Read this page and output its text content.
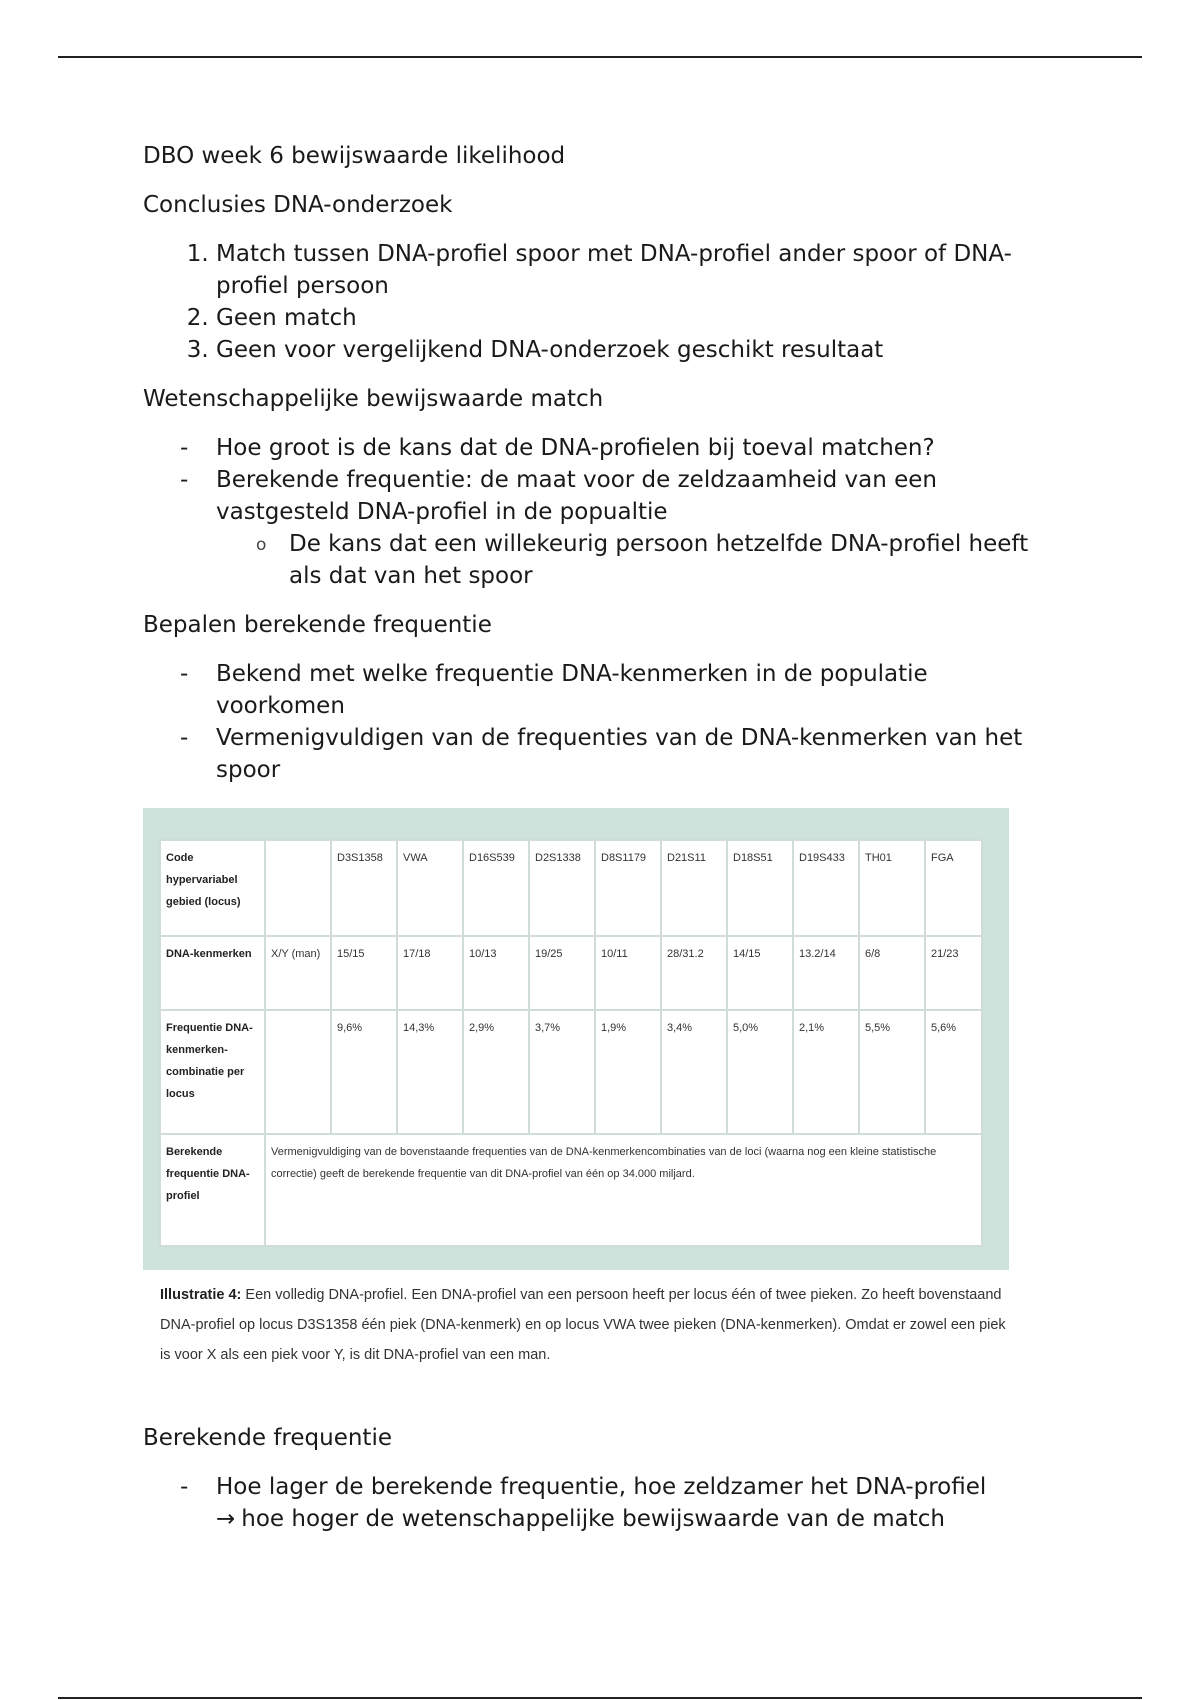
DBO week 6 bewijswaarde likelihood

Conclusies DNA-onderzoek

1. Match tussen DNA-profiel spoor met DNA-profiel ander spoor of DNA-profiel persoon
2. Geen match
3. Geen voor vergelijkend DNA-onderzoek geschikt resultaat

Wetenschappelijke bewijswaarde match

- Hoe groot is de kans dat de DNA-profielen bij toeval matchen?
- Berekende frequentie: de maat voor de zeldzaamheid van een vastgesteld DNA-profiel in de popualtie
o De kans dat een willekeurig persoon hetzelfde DNA-profiel heeft als dat van het spoor

Bepalen berekende frequentie

- Bekend met welke frequentie DNA-kenmerken in de populatie voorkomen
- Vermenigvuldigen van de frequenties van de DNA-kenmerken van het spoor
Code hypervariabel gebied (locus)		D3S1358	VWA	D16S539	D2S1338	D8S1179	D21S11	D18S51	D19S433	TH01	FGA
DNA-kenmerken	X/Y (man)	15/15	17/18	10/13	19/25	10/11	28/31.2	14/15	13.2/14	6/8	21/23
Frequentie DNA-kenmerken-combinatie per locus		9,6%	14,3%	2,9%	3,7%	1,9%	3,4%	5,0%	2,1%	5,5%	5,6%
Berekende frequentie DNA-profiel	Vermenigvuldiging van de bovenstaande frequenties van de DNA-kenmerkencombinaties van de loci (waarna nog een kleine statistische correctie) geeft de berekende frequentie van dit DNA-profiel van één op 34.000 miljard.										
Illustratie 4: Een volledig DNA-profiel. Een DNA-profiel van een persoon heeft per locus één of twee pieken. Zo heeft bovenstaand DNA-profiel op locus D3S1358 één piek (DNA-kenmerk) en op locus VWA twee pieken (DNA-kenmerken). Omdat er zowel een piek is voor X als een piek voor Y, is dit DNA-profiel van een man.

Berekende frequentie

- Hoe lager de berekende frequentie, hoe zeldzamer het DNA-profiel
→ hoe hoger de wetenschappelijke bewijswaarde van de match
